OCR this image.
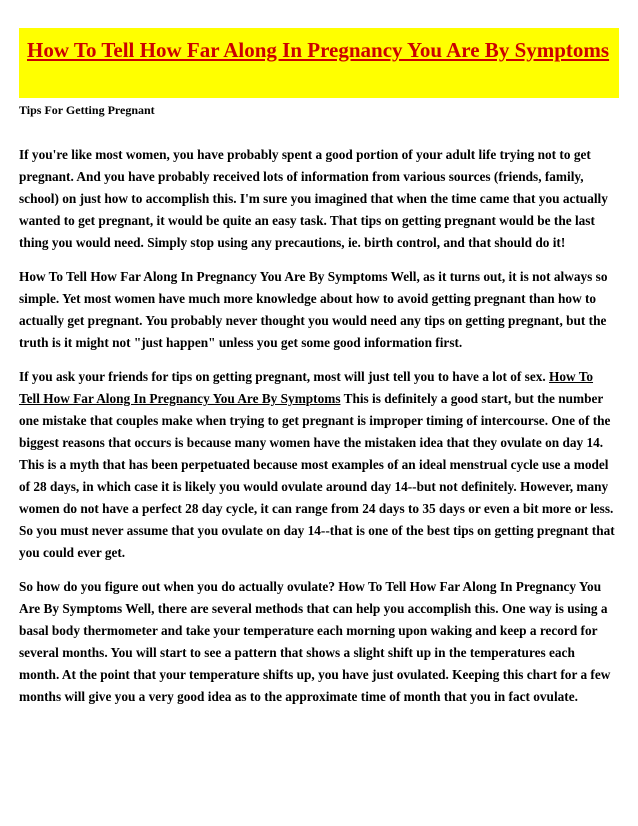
How To Tell How Far Along In Pregnancy You Are By Symptoms
Tips For Getting Pregnant

If you're like most women, you have probably spent a good portion of your adult life trying not to get pregnant. And you have probably received lots of information from various sources (friends, family, school) on just how to accomplish this. I'm sure you imagined that when the time came that you actually wanted to get pregnant, it would be quite an easy task. That tips on getting pregnant would be the last thing you would need. Simply stop using any precautions, ie. birth control, and that should do it!

How To Tell How Far Along In Pregnancy You Are By Symptoms Well, as it turns out, it is not always so simple. Yet most women have much more knowledge about how to avoid getting pregnant than how to actually get pregnant. You probably never thought you would need any tips on getting pregnant, but the truth is it might not "just happen" unless you get some good information first.

If you ask your friends for tips on getting pregnant, most will just tell you to have a lot of sex. How To Tell How Far Along In Pregnancy You Are By Symptoms This is definitely a good start, but the number one mistake that couples make when trying to get pregnant is improper timing of intercourse. One of the biggest reasons that occurs is because many women have the mistaken idea that they ovulate on day 14. This is a myth that has been perpetuated because most examples of an ideal menstrual cycle use a model of 28 days, in which case it is likely you would ovulate around day 14--but not definitely. However, many women do not have a perfect 28 day cycle, it can range from 24 days to 35 days or even a bit more or less. So you must never assume that you ovulate on day 14--that is one of the best tips on getting pregnant that you could ever get.

So how do you figure out when you do actually ovulate? How To Tell How Far Along In Pregnancy You Are By Symptoms Well, there are several methods that can help you accomplish this. One way is using a basal body thermometer and take your temperature each morning upon waking and keep a record for several months. You will start to see a pattern that shows a slight shift up in the temperatures each month. At the point that your temperature shifts up, you have just ovulated. Keeping this chart for a few months will give you a very good idea as to the approximate time of month that you in fact ovulate.
